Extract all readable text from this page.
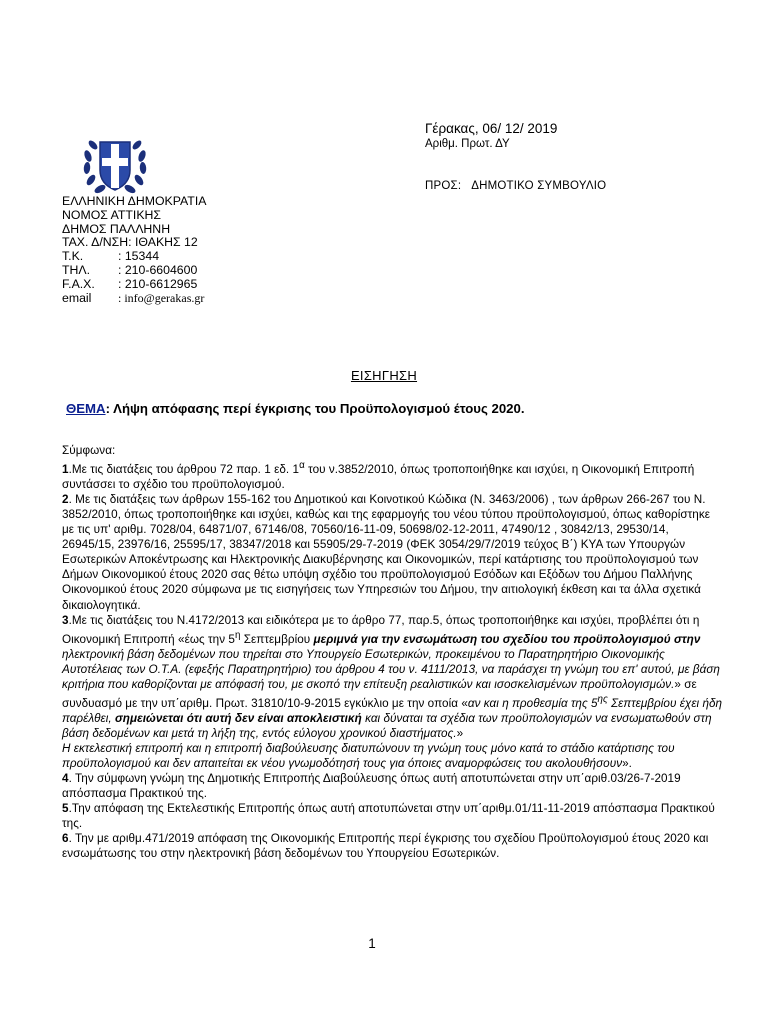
ΕΛΛΗΝΙΚΗ ΔΗΜΟΚΡΑΤΙΑ
ΝΟΜΟΣ ΑΤΤΙΚΗΣ
ΔΗΜΟΣ ΠΑΛΛΗΝΗ
ΤΑΧ. Δ/ΝΣΗ:
ΙΘΑΚΗΣ 12
Τ.Κ.	: 15344
ΤΗΛ.	: 210-6604600
F.A.X.	: 210-6612965
email	: info@gerakas.gr
Γέρακας, 06/ 12/ 2019
Αριθμ. Πρωτ. ΔΥ
ΠΡΟΣ: ΔΗΜΟΤΙΚΟ ΣΥΜΒΟΥΛΙΟ
ΕΙΣΗΓΗΣΗ
ΘΕΜΑ: Λήψη απόφασης περί έγκρισης του Προϋπολογισμού έτους 2020.

Σύμφωνα:

1.Με τις διατάξεις του άρθρου 72 παρ. 1 εδ. $1^\alpha$ του ν.3852/2010, όπως τροποποιήθηκε και ισχύει, η Οικονομική Επιτροπή συντάσσει το σχέδιο του προϋπολογισμού.

2. Με τις διατάξεις των άρθρων 155-162 του Δημοτικού και Κοινοτικού Κώδικα (Ν. 3463/2006) , των άρθρων 266-267 του Ν. 3852/2010, όπως τροποποιήθηκε και ισχύει, καθώς και της εφαρμογής του νέου τύπου προϋπολογισμού, όπως καθορίστηκε με τις υπ' αριθμ. 7028/04, 64871/07, 67146/08, 70560/16-11-09, 50698/02-12-2011, 47490/12 , 30842/13, 29530/14, 26945/15, 23976/16, 25595/17, 38347/2018 και 55905/29-7-2019 (ΦΕΚ 3054/29/7/2019 τεύχος Β΄) ΚΥΑ των Υπουργών Εσωτερικών Αποκέντρωσης και Ηλεκτρονικής Διακυβέρνησης και Οικονομικών, περί κατάρτισης του προϋπολογισμού των Δήμων Οικονομικού έτους 2020 σας θέτω υπόψη σχέδιο του προϋπολογισμού Εσόδων και Εξόδων του Δήμου Παλλήνης Οικονομικού έτους 2020 σύμφωνα με τις εισηγήσεις των Υπηρεσιών του Δήμου, την αιτιολογική έκθεση και τα άλλα σχετικά δικαιολογητικά.

3.Με τις διατάξεις του Ν.4172/2013 και ειδικότερα με το άρθρο 77, παρ.5, όπως τροποποιήθηκε και ισχύει, προβλέπει ότι η Οικονομική Επιτροπή «έως την $5^\eta$ Σεπτεμβρίου μεριμνά για την ενσωμάτωση του σχεδίου του προϋπολογισμού στην ηλεκτρονική βάση δεδομένων που τηρείται στο Υπουργείο Εσωτερικών, προκειμένου το Παρατηρητήριο Οικονομικής Αυτοτέλειας των Ο.Τ.Α. (εφεξής Παρατηρητήριο) του άρθρου 4 του ν. 4111/2013, να παράσχει τη γνώμη του επ' αυτού, με βάση κριτήρια που καθορίζονται με απόφασή του, με σκοπό την επίτευξη ρεαλιστικών και ισοσκελισμένων προϋπολογισμών.» σε συνδυασμό με την υπ΄αριθμ. Πρωτ. 31810/10-9-2015 εγκύκλιο με την οποία «αν και η προθεσμία της $5^{\eta\varsigma}$ Σεπτεμβρίου έχει ήδη παρέλθει, σημειώνεται ότι αυτή δεν είναι αποκλειστική και δύναται τα σχέδια των προϋπολογισμών να ενσωματωθούν στη βάση δεδομένων και μετά τη λήξη της, εντός εύλογου χρονικού διαστήματος.»
Η εκτελεστική επιτροπή και η επιτροπή διαβούλευσης διατυπώνουν τη γνώμη τους μόνο κατά το στάδιο κατάρτισης του προϋπολογισμού και δεν απαιτείται εκ νέου γνωμοδότησή τους για όποιες αναμορφώσεις του ακολουθήσουν».

4. Την σύμφωνη γνώμη της Δημοτικής Επιτροπής Διαβούλευσης όπως αυτή αποτυπώνεται στην υπ΄αριθ.03/26-7-2019 απόσπασμα Πρακτικού της.

5.Την απόφαση της Εκτελεστικής Επιτροπής όπως αυτή αποτυπώνεται στην υπ΄αριθμ.01/11-11-2019 απόσπασμα Πρακτικού της.

6. Την με αριθμ.471/2019 απόφαση της Οικονομικής Επιτροπής περί έγκρισης του σχεδίου Προϋπολογισμού έτους 2020 και ενσωμάτωσης του στην ηλεκτρονική βάση δεδομένων του Υπουργείου Εσωτερικών.

1
